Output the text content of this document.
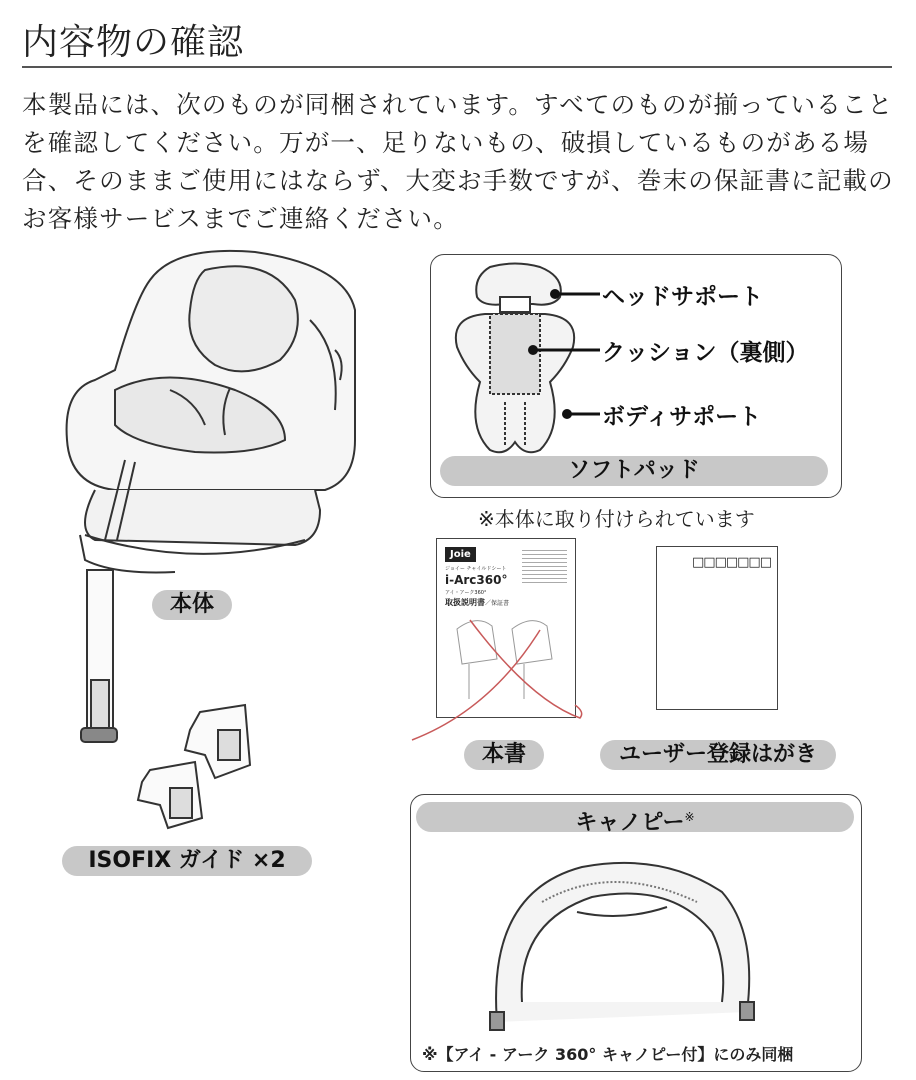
内容物の確認
本製品には、次のものが同梱されています。すべてのものが揃っていることを確認してください。万が一、足りないもの、破損しているものがある場合、そのままご使用にはならず、大変お手数ですが、巻末の保証書に記載のお客様サービスまでご連絡ください。
本体
ISOFIX ガイド ×2
ヘッドサポート
クッション（裏側）
ボディサポート
ソフトパッド
※本体に取り付けられています
Joie
ジョイー チャイルドシート
i-Arc360°
アイ・アーク360°
取扱説明書／保証書
本書
□□□□□□□
ユーザー登録はがき
キャノピー※
※【アイ - アーク 360° キャノピー付】にのみ同梱
